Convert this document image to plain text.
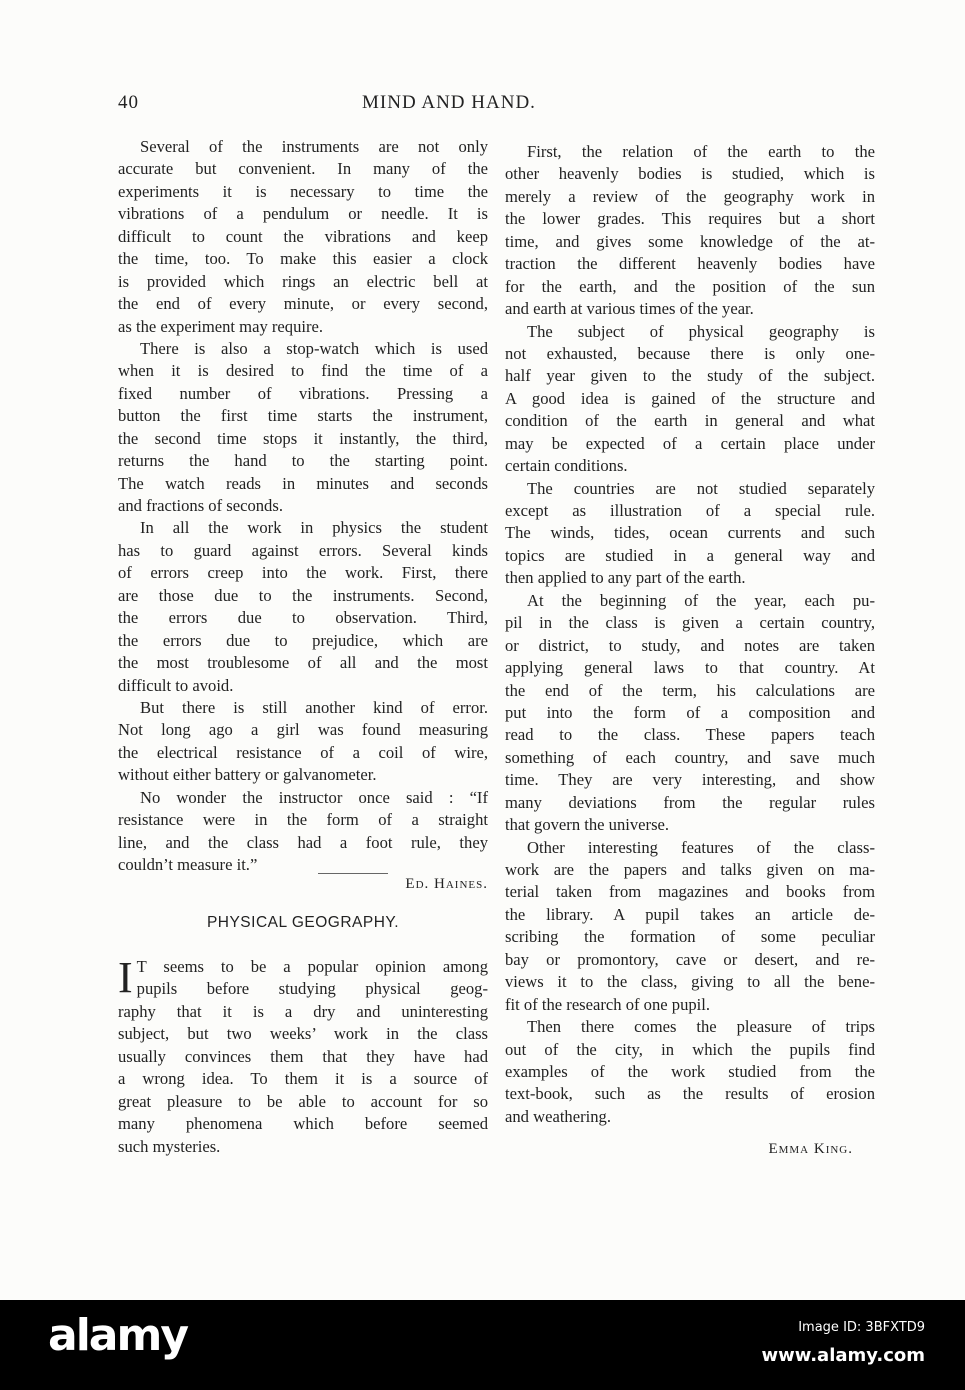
40	MIND AND HAND.
Several of the instruments are not only
accurate but convenient. In many of the
experiments it is necessary to time the
vibrations of a pendulum or needle. It is
difficult to count the vibrations and keep
the time, too. To make this easier a clock
is provided which rings an electric bell at
the end of every minute, or every second,
as the experiment may require.
There is also a stop-watch which is used
when it is desired to find the time of a
fixed number of vibrations. Pressing a
button the first time starts the instrument,
the second time stops it instantly, the third,
returns the hand to the starting point.
The watch reads in minutes and seconds
and fractions of seconds.
In all the work in physics the student
has to guard against errors. Several kinds
of errors creep into the work. First, there
are those due to the instruments. Second,
the errors due to observation. Third,
the errors due to prejudice, which are
the most troublesome of all and the most
difficult to avoid.
But there is still another kind of error.
Not long ago a girl was found measuring
the electrical resistance of a coil of wire,
without either battery or galvanometer.
No wonder the instructor once said : “If
resistance were in the form of a straight
line, and the class had a foot rule, they
couldn’t measure it.”
Ed. Haines.
PHYSICAL GEOGRAPHY.
I T seems to be a popular opinion among
pupils before studying physical geog-
raphy that it is a dry and uninteresting
subject, but two weeks’ work in the class
usually convinces them that they have had
a wrong idea. To them it is a source of
great pleasure to be able to account for so
many phenomena which before seemed
such mysteries.
First, the relation of the earth to the
other heavenly bodies is studied, which is
merely a review of the geography work in
the lower grades. This requires but a short
time, and gives some knowledge of the at-
traction the different heavenly bodies have
for the earth, and the position of the sun
and earth at various times of the year.
The subject of physical geography is
not exhausted, because there is only one-
half year given to the study of the subject.
A good idea is gained of the structure and
condition of the earth in general and what
may be expected of a certain place under
certain conditions.
The countries are not studied separately
except as illustration of a special rule.
The winds, tides, ocean currents and such
topics are studied in a general way and
then applied to any part of the earth.
At the beginning of the year, each pu-
pil in the class is given a certain country,
or district, to study, and notes are taken
applying general laws to that country. At
the end of the term, his calculations are
put into the form of a composition and
read to the class. These papers teach
something of each country, and save much
time. They are very interesting, and show
many deviations from the regular rules
that govern the universe.
Other interesting features of the class-
work are the papers and talks given on ma-
terial taken from magazines and books from
the library. A pupil takes an article de-
scribing the formation of some peculiar
bay or promontory, cave or desert, and re-
views it to the class, giving to all the bene-
fit of the research of one pupil.
Then there comes the pleasure of trips
out of the city, in which the pupils find
examples of the work studied from the
text-book, such as the results of erosion
and weathering.
Emma King.
alamy	Image ID: 3BFXTD9
www.alamy.com
